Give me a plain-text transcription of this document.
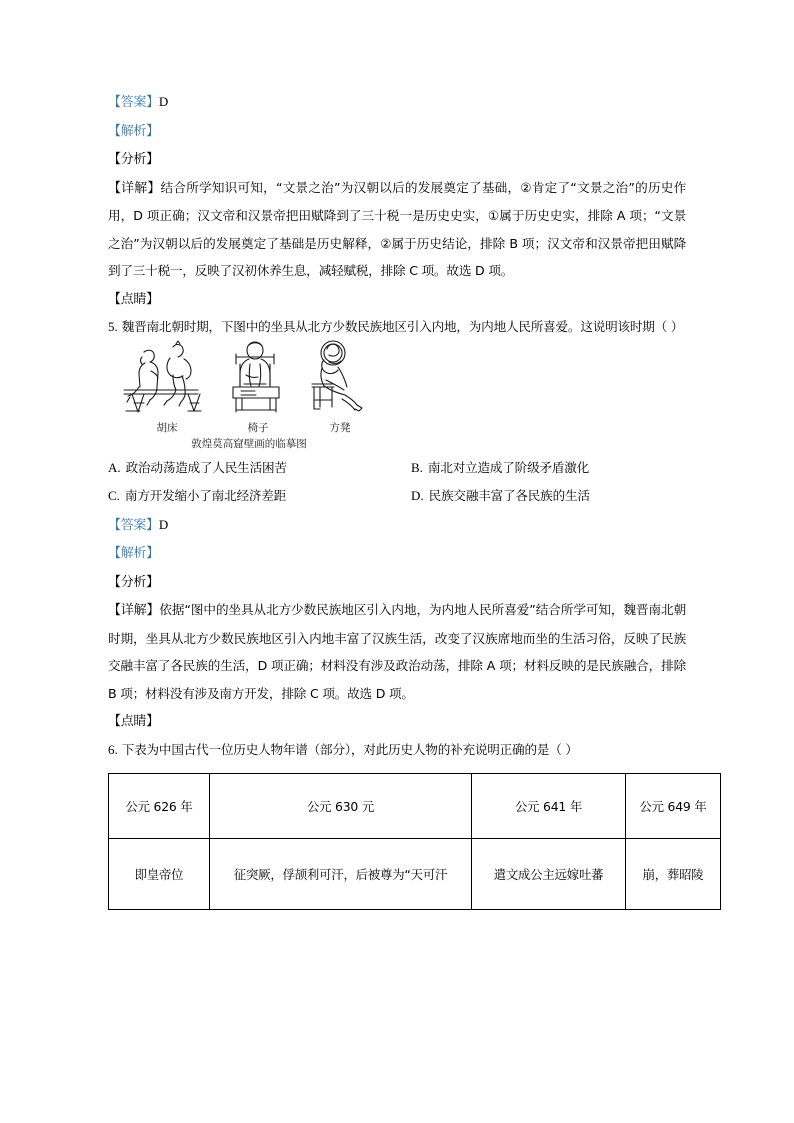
【答案】D
【解析】
【分析】
【详解】结合所学知识可知，“文景之治”为汉朝以后的发展奠定了基础，②肯定了“文景之治”的历史作用，D 项正确；汉文帝和汉景帝把田赋降到了三十税一是历史史实，①属于历史史实，排除 A 项；“文景之治”为汉朝以后的发展奠定了基础是历史解释，②属于历史结论，排除 B 项；汉文帝和汉景帝把田赋降到了三十税一，反映了汉初休养生息，减轻赋税，排除 C 项。故选 D 项。
【点睛】
5. 魏晋南北朝时期，下图中的坐具从北方少数民族地区引入内地，为内地人民所喜爱。这说明该时期（ ）
胡床	椅子	方凳
敦煌莫高窟壁画的临摹图
A. 政治动荡造成了人民生活困苦	B. 南北对立造成了阶级矛盾激化
C. 南方开发缩小了南北经济差距	D. 民族交融丰富了各民族的生活
【答案】D
【解析】
【分析】
【详解】依据“图中的坐具从北方少数民族地区引入内地，为内地人民所喜爱”结合所学可知，魏晋南北朝时期，坐具从北方少数民族地区引入内地丰富了汉族生活，改变了汉族席地而坐的生活习俗，反映了民族交融丰富了各民族的生活，D 项正确；材料没有涉及政治动荡，排除 A 项；材料反映的是民族融合，排除 B 项；材料没有涉及南方开发，排除 C 项。故选 D 项。
【点睛】
6. 下表为中国古代一位历史人物年谱（部分），对此历史人物的补充说明正确的是（ ）
公元 626 年	公元 630 元	公元 641 年	公元 649 年
即皇帝位	征突厥，俘颉利可汗，后被尊为“天可汗	遣文成公主远嫁吐蕃	崩，葬昭陵
